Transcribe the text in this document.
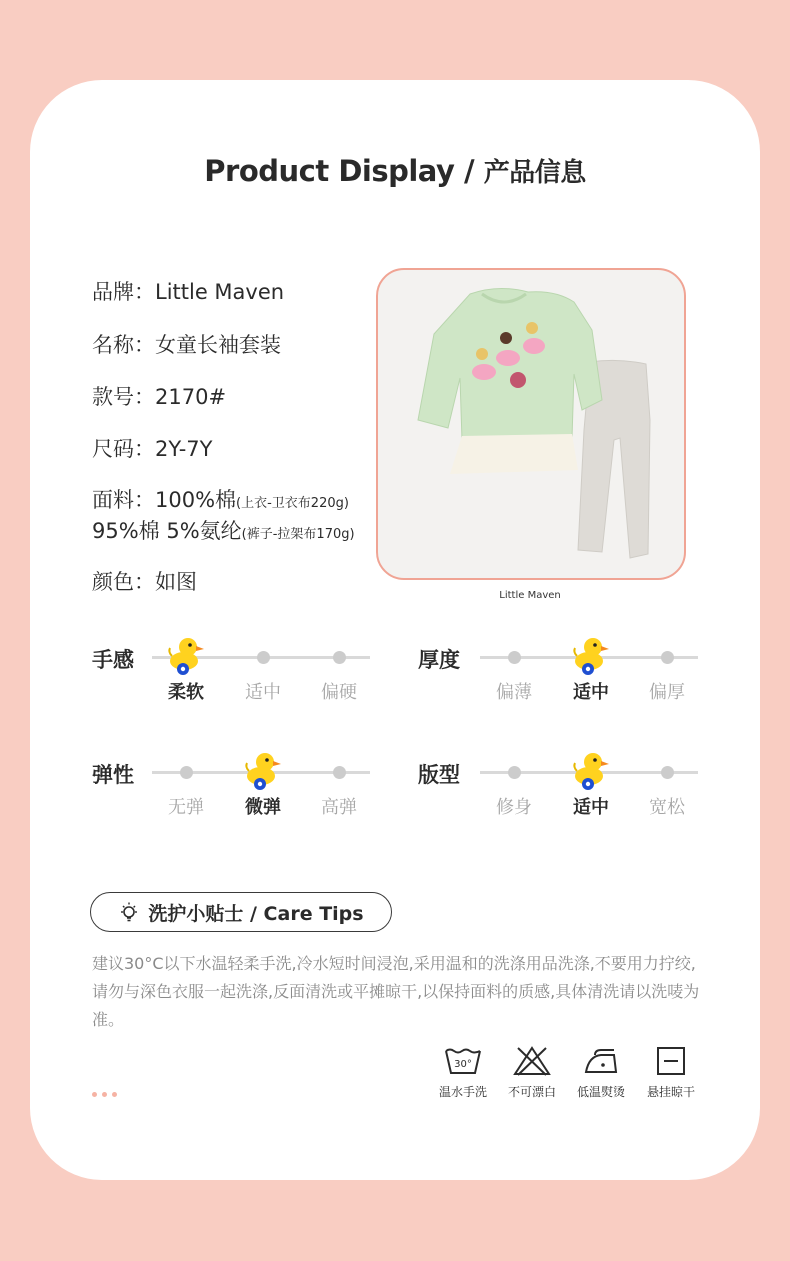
Product Display / 产品信息
品牌：Little Maven
名称：女童长袖套装
款号：2170#
尺码：2Y-7Y
面料：100%棉(上衣-卫衣布220g)
95%棉 5%氨纶(裤子-拉架布170g)
颜色：如图
Little Maven
手感
柔软	适中	偏硬
厚度
偏薄	适中	偏厚
弹性
无弹	微弹	高弹
版型
修身	适中	宽松
洗护小贴士 / Care Tips
建议30°C以下水温轻柔手洗,冷水短时间浸泡,采用温和的洗涤用品洗涤,不要用力拧绞,请勿与深色衣服一起洗涤,反面清洗或平摊晾干,以保持面料的质感,具体清洗请以洗唛为准。
30°
温水手洗	不可漂白	低温熨烫	悬挂晾干
